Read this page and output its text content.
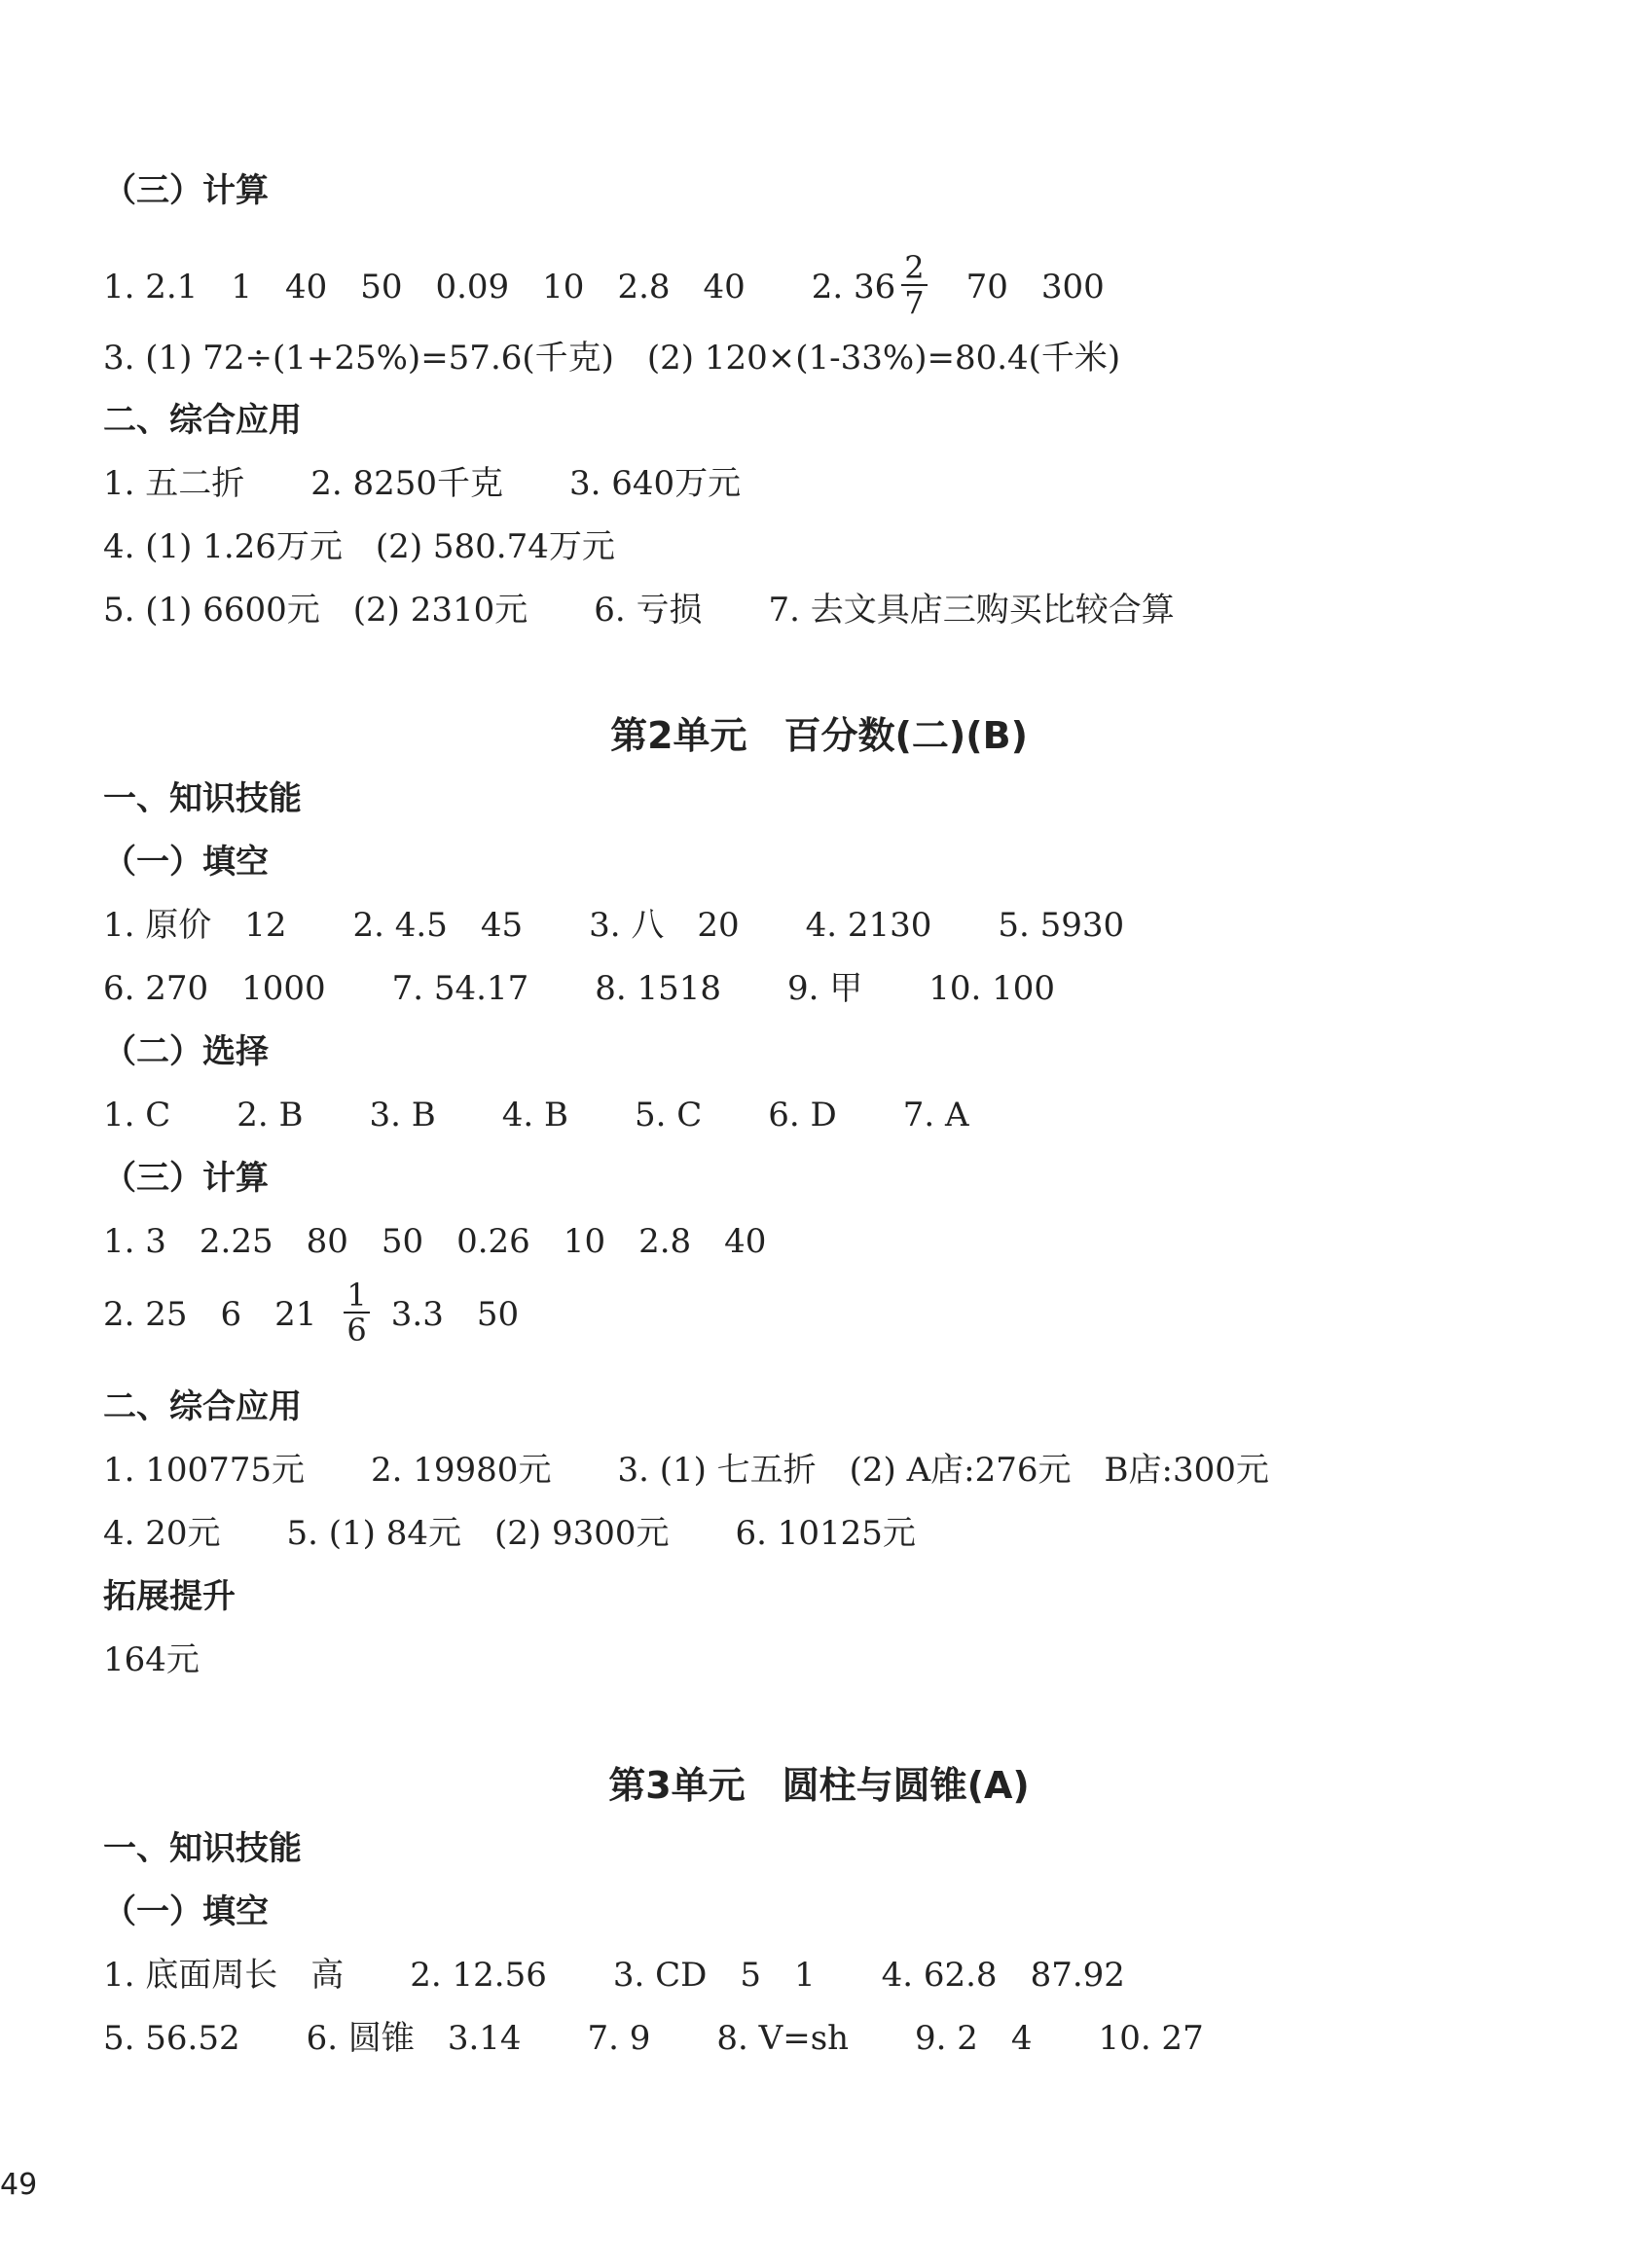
（三）计算
1. 2.1　1　40　50　0.09　10　2.8　40　　2. $36 \frac{2}{7}$ 　70　300
3. (1) 72÷(1+25%)=57.6(千克)　(2) 120×(1-33%)=80.4(千米)
二、综合应用
1. 五二折　　2. 8250千克　　3. 640万元
4. (1) 1.26万元　(2) 580.74万元
5. (1) 6600元　(2) 2310元　　6. 亏损　　7. 去文具店三购买比较合算
第2单元　百分数(二)(B)
一、知识技能
（一）填空
1. 原价　12　　2. 4.5　45　　3. 八　20　　4. 2130　　5. 5930
6. 270　1000　　7. 54.17　　8. 1518　　9. 甲　　10. 100
（二）选择
1. C　　2. B　　3. B　　4. B　　5. C　　6. D　　7. A
（三）计算
1. 3　2.25　80　50　0.26　10　2.8　40
2. 25　6　$21 \frac{1}{6} 3.3$　50
二、综合应用
1. 100775元　　2. 19980元　　3. (1) 七五折　(2) A店:276元　B店:300元
4. 20元　　5. (1) 84元　(2) 9300元　　6. 10125元
拓展提升
164元
第3单元　圆柱与圆锥(A)
一、知识技能
（一）填空
1. 底面周长　高　　2. 12.56　　3. CD　5　1　　4. 62.8　87.92
5. 56.52　　6. 圆锥　3.14　　7. 9　　8. V=sh　　9. 2　4　　10. 27
49
